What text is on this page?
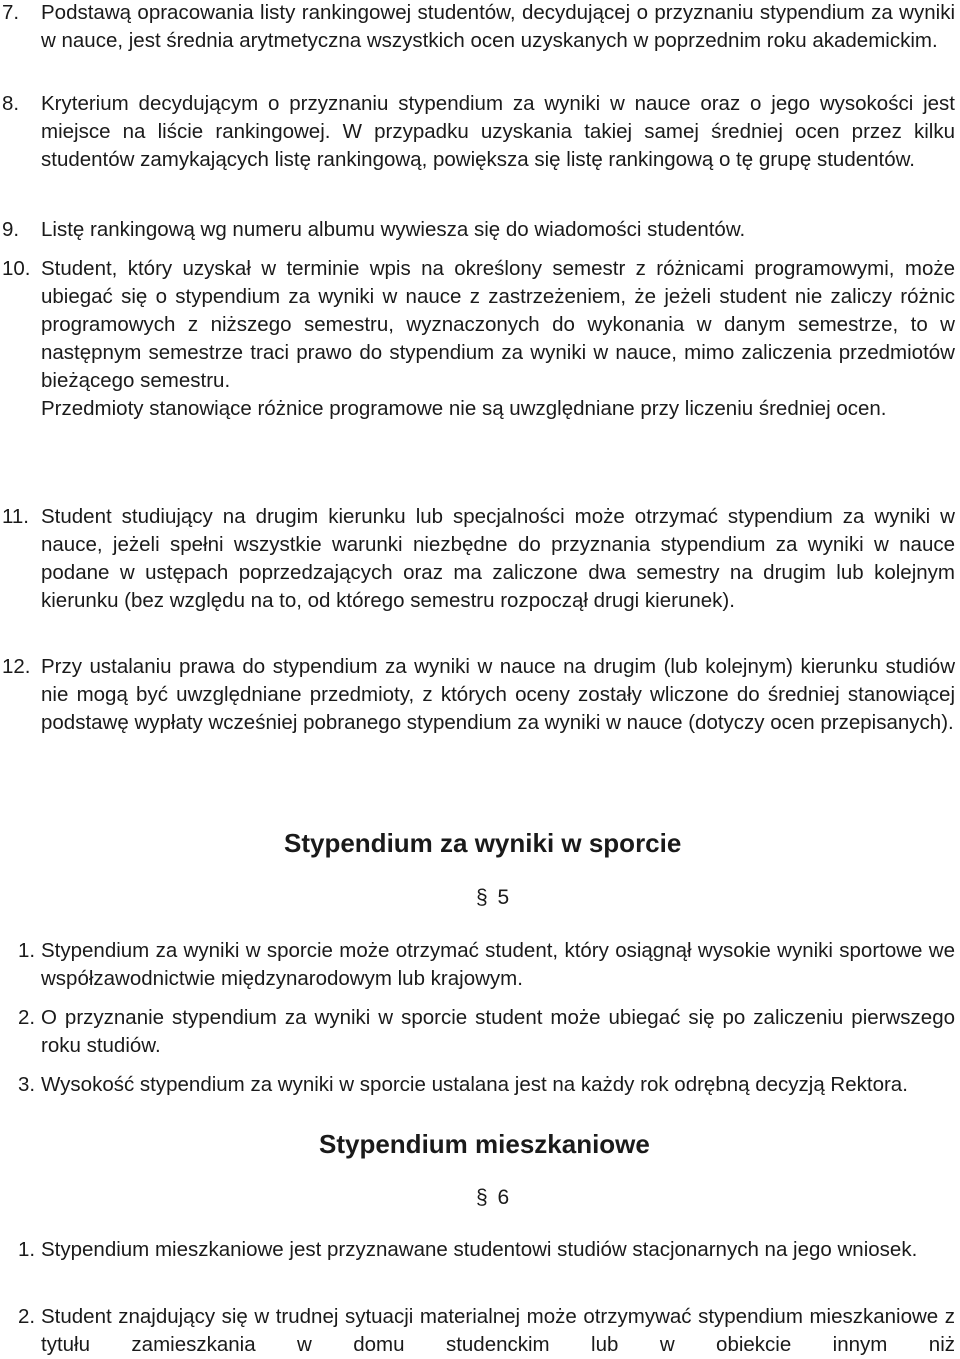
7. Podstawą opracowania listy rankingowej studentów, decydującej o przyznaniu stypendium za wyniki w nauce, jest średnia arytmetyczna wszystkich ocen uzyskanych w poprzednim roku akademickim.
8. Kryterium decydującym o przyznaniu stypendium za wyniki w nauce oraz o jego wysokości jest miejsce na liście rankingowej. W przypadku uzyskania takiej samej średniej ocen przez kilku studentów zamykających listę rankingową, powiększa się listę rankingową o tę grupę studentów.
9. Listę rankingową wg numeru albumu wywiesza się do wiadomości studentów.
10. Student, który uzyskał w terminie wpis na określony semestr z różnicami programowymi, może ubiegać się o stypendium za wyniki w nauce z zastrzeżeniem, że jeżeli student nie zaliczy różnic programowych z niższego semestru, wyznaczonych do wykonania w danym semestrze, to w następnym semestrze traci prawo do stypendium za wyniki w nauce, mimo zaliczenia przedmiotów bieżącego semestru.
Przedmioty stanowiące różnice programowe nie są uwzględniane przy liczeniu średniej ocen.
11. Student studiujący na drugim kierunku lub specjalności może otrzymać stypendium za wyniki w nauce, jeżeli spełni wszystkie warunki niezbędne do przyznania stypendium za wyniki w nauce podane w ustępach poprzedzających oraz ma zaliczone dwa semestry na drugim lub kolejnym kierunku (bez względu na to, od którego semestru rozpoczął drugi kierunek).
12. Przy ustalaniu prawa do stypendium za wyniki w nauce na drugim (lub kolejnym) kierunku studiów nie mogą być uwzględniane przedmioty, z których oceny zostały wliczone do średniej stanowiącej podstawę wypłaty wcześniej pobranego stypendium za wyniki w nauce (dotyczy ocen przepisanych).
Stypendium za wyniki w sporcie
§ 5
1. Stypendium za wyniki w sporcie może otrzymać student, który osiągnął wysokie wyniki sportowe we współzawodnictwie międzynarodowym lub krajowym.
2. O przyznanie stypendium za wyniki w sporcie student może ubiegać się po zaliczeniu pierwszego roku studiów.
3. Wysokość stypendium za wyniki w sporcie ustalana jest na każdy rok odrębną decyzją Rektora.
Stypendium mieszkaniowe
§ 6
1. Stypendium mieszkaniowe jest przyznawane studentowi studiów stacjonarnych na jego wniosek.
2. Student znajdujący się w trudnej sytuacji materialnej może otrzymywać stypendium mieszkaniowe z tytułu zamieszkania w domu studenckim lub w obiekcie innym niż
